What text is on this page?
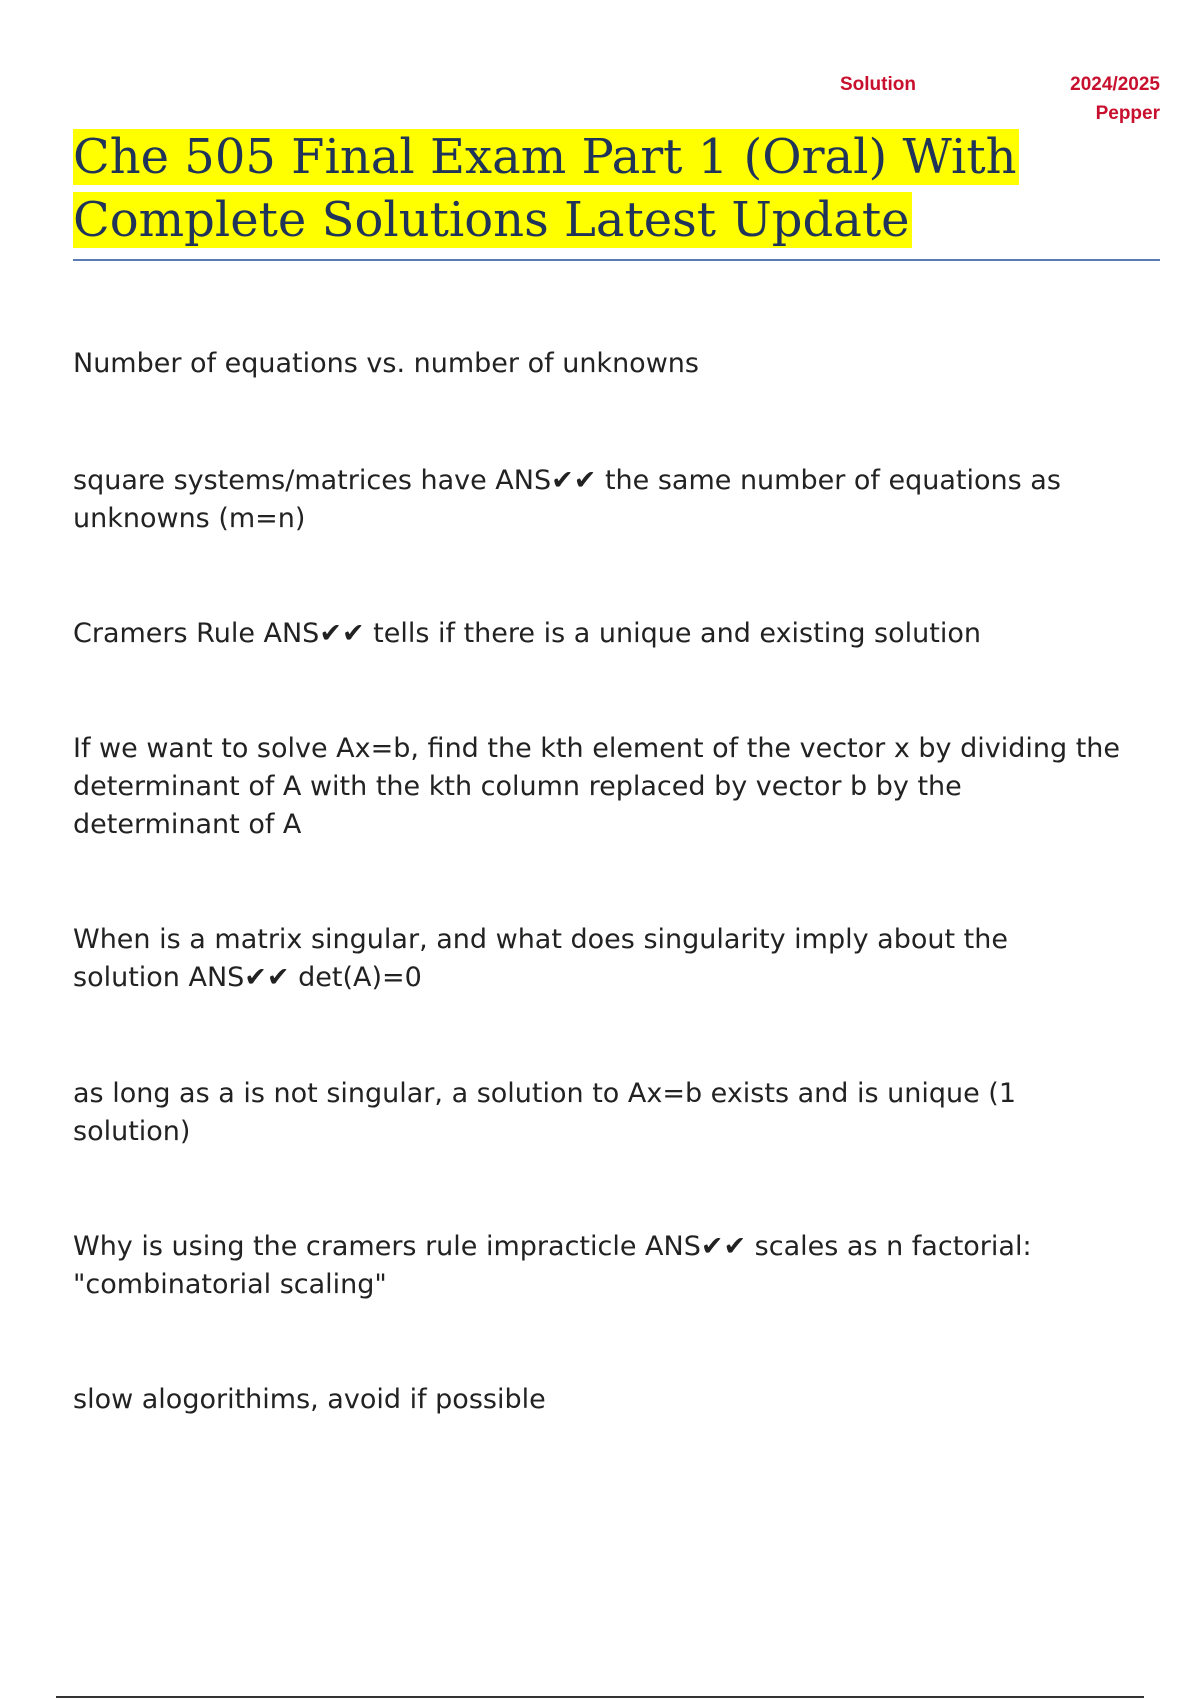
Solution	2024/2025
Pepper
Che 505 Final Exam Part 1 (Oral) With
Complete Solutions Latest Update

Number of equations vs. number of unknowns

square systems/matrices have ANS✔✔ the same number of equations as unknowns (m=n)

Cramers Rule ANS✔✔ tells if there is a unique and existing solution

If we want to solve Ax=b, find the kth element of the vector x by dividing the determinant of A with the kth column replaced by vector b by the determinant of A

When is a matrix singular, and what does singularity imply about the solution ANS✔✔ det(A)=0

as long as a is not singular, a solution to Ax=b exists and is unique (1 solution)

Why is using the cramers rule impracticle ANS✔✔ scales as n factorial: "combinatorial scaling"

slow alogorithims, avoid if possible
